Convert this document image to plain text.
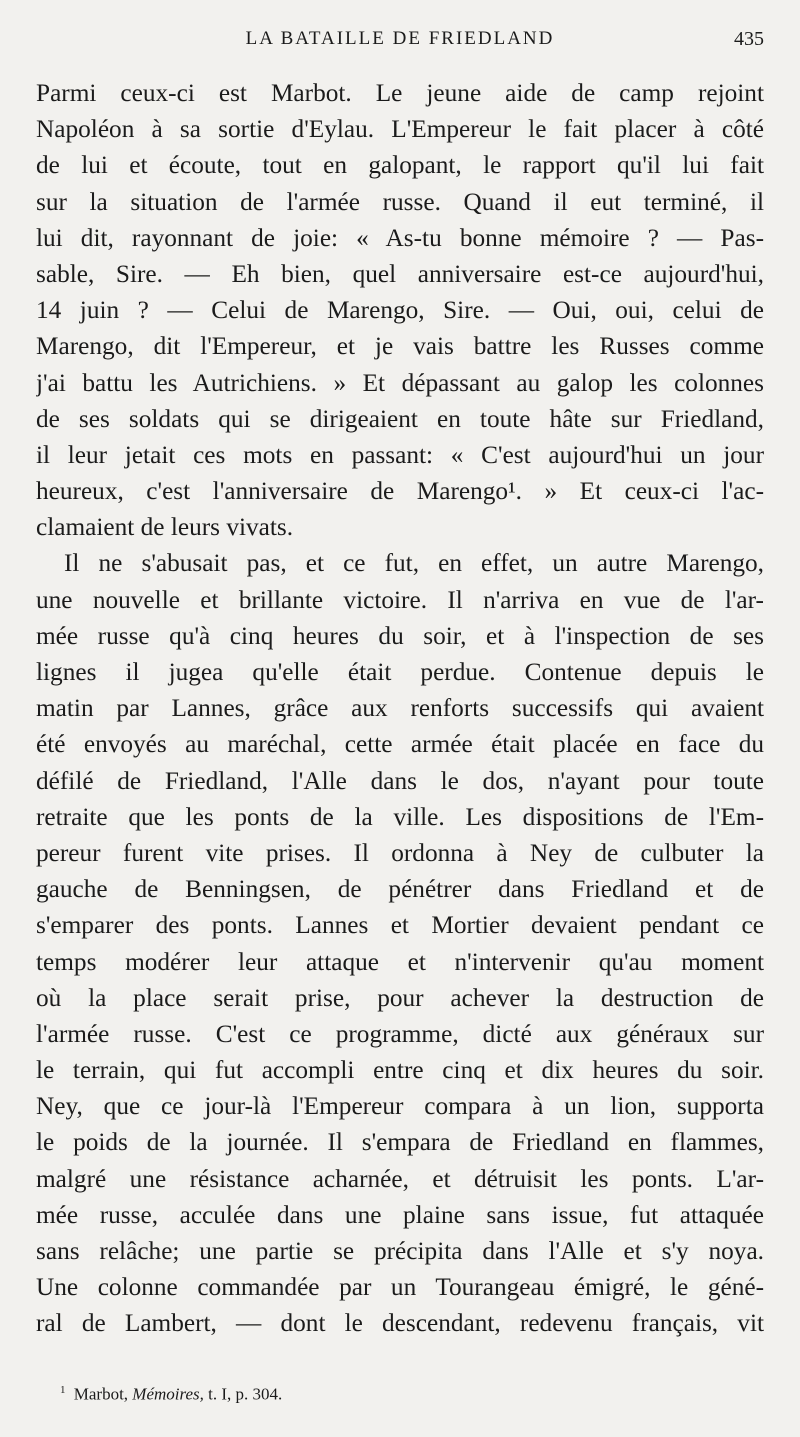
LA BATAILLE DE FRIEDLAND	435
Parmi ceux-ci est Marbot. Le jeune aide de camp rejoint
Napoléon à sa sortie d'Eylau. L'Empereur le fait placer à côté
de lui et écoute, tout en galopant, le rapport qu'il lui fait
sur la situation de l'armée russe. Quand il eut terminé, il
lui dit, rayonnant de joie: « As-tu bonne mémoire ? — Pas-
sable, Sire. — Eh bien, quel anniversaire est-ce aujourd'hui,
14 juin ? — Celui de Marengo, Sire. — Oui, oui, celui de
Marengo, dit l'Empereur, et je vais battre les Russes comme
j'ai battu les Autrichiens. » Et dépassant au galop les colonnes
de ses soldats qui se dirigeaient en toute hâte sur Friedland,
il leur jetait ces mots en passant: « C'est aujourd'hui un jour
heureux, c'est l'anniversaire de Marengo¹. » Et ceux-ci l'ac-
clamaient de leurs vivats.
Il ne s'abusait pas, et ce fut, en effet, un autre Marengo,
une nouvelle et brillante victoire. Il n'arriva en vue de l'ar-
mée russe qu'à cinq heures du soir, et à l'inspection de ses
lignes il jugea qu'elle était perdue. Contenue depuis le
matin par Lannes, grâce aux renforts successifs qui avaient
été envoyés au maréchal, cette armée était placée en face du
défilé de Friedland, l'Alle dans le dos, n'ayant pour toute
retraite que les ponts de la ville. Les dispositions de l'Em-
pereur furent vite prises. Il ordonna à Ney de culbuter la
gauche de Benningsen, de pénétrer dans Friedland et de
s'emparer des ponts. Lannes et Mortier devaient pendant ce
temps modérer leur attaque et n'intervenir qu'au moment
où la place serait prise, pour achever la destruction de
l'armée russe. C'est ce programme, dicté aux généraux sur
le terrain, qui fut accompli entre cinq et dix heures du soir.
Ney, que ce jour-là l'Empereur compara à un lion, supporta
le poids de la journée. Il s'empara de Friedland en flammes,
malgré une résistance acharnée, et détruisit les ponts. L'ar-
mée russe, acculée dans une plaine sans issue, fut attaquée
sans relâche; une partie se précipita dans l'Alle et s'y noya.
Une colonne commandée par un Tourangeau émigré, le géné-
ral de Lambert, — dont le descendant, redevenu français, vit
$^1$ Marbot, Mémoires, t. I, p. 304.
